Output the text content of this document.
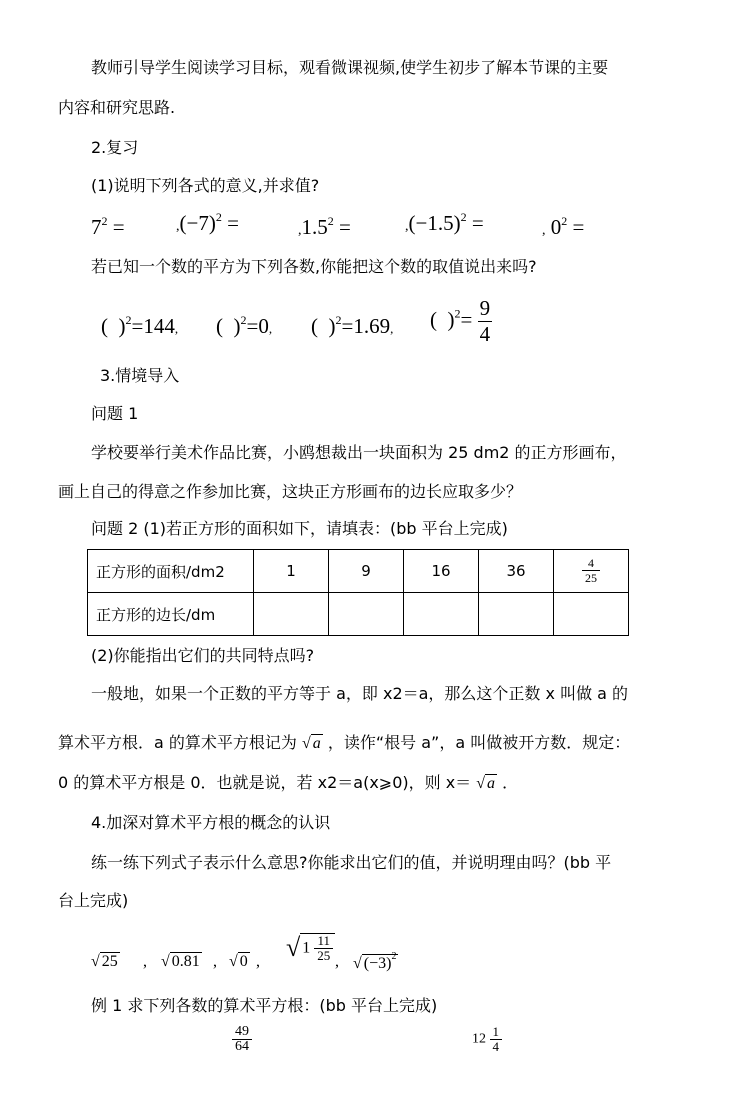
教师引导学生阅读学习目标，观看微课视频,使学生初步了解本节课的主要
内容和研究思路.
2.复习
(1)说明下列各式的意义,并求值?
$7^2$ =	$,(-7)^2$ =	$,1.5^2$ =	$,(-1.5)^2$ =	, $0^2$ =
若已知一个数的平方为下列各数,你能把这个数的取值说出来吗?
(  )$^2$=144, (  )$^2$=0, (  )$^2$=1.69, (  )$^2= \frac{9}{4}$
3.情境导入
问题 1
学校要举行美术作品比赛，小鸥想裁出一块面积为 25 dm2 的正方形画布，
画上自己的得意之作参加比赛，这块正方形画布的边长应取多少？
问题 2 (1)若正方形的面积如下，请填表：(bb 平台上完成)
正方形的面积/dm2	1	9	16	36	$\frac{4}{25}$

正方形的边长/dm					
(2)你能指出它们的共同特点吗?
一般地，如果一个正数的平方等于 a，即 x2＝a，那么这个正数 x 叫做 a 的
算术平方根．a 的算术平方根记为 √ a ，读作“根号 a”，a 叫做被开方数．规定：
0 的算术平方根是 0．也就是说，若 x2＝a(x⩾0)，则 x＝ √ a ．
4.加深对算术平方根的概念的认识
练一练下列式子表示什么意思?你能求出它们的值，并说明理由吗？(bb 平
台上完成)
√ 25 , √ 0.81 , √ 0 , √ $1 \frac{11}{25}$ , √ $(-3)^2$
例 1 求下列各数的算术平方根：(bb 平台上完成)
$\frac{49}{64}$	$12 \frac{1}{4}$
